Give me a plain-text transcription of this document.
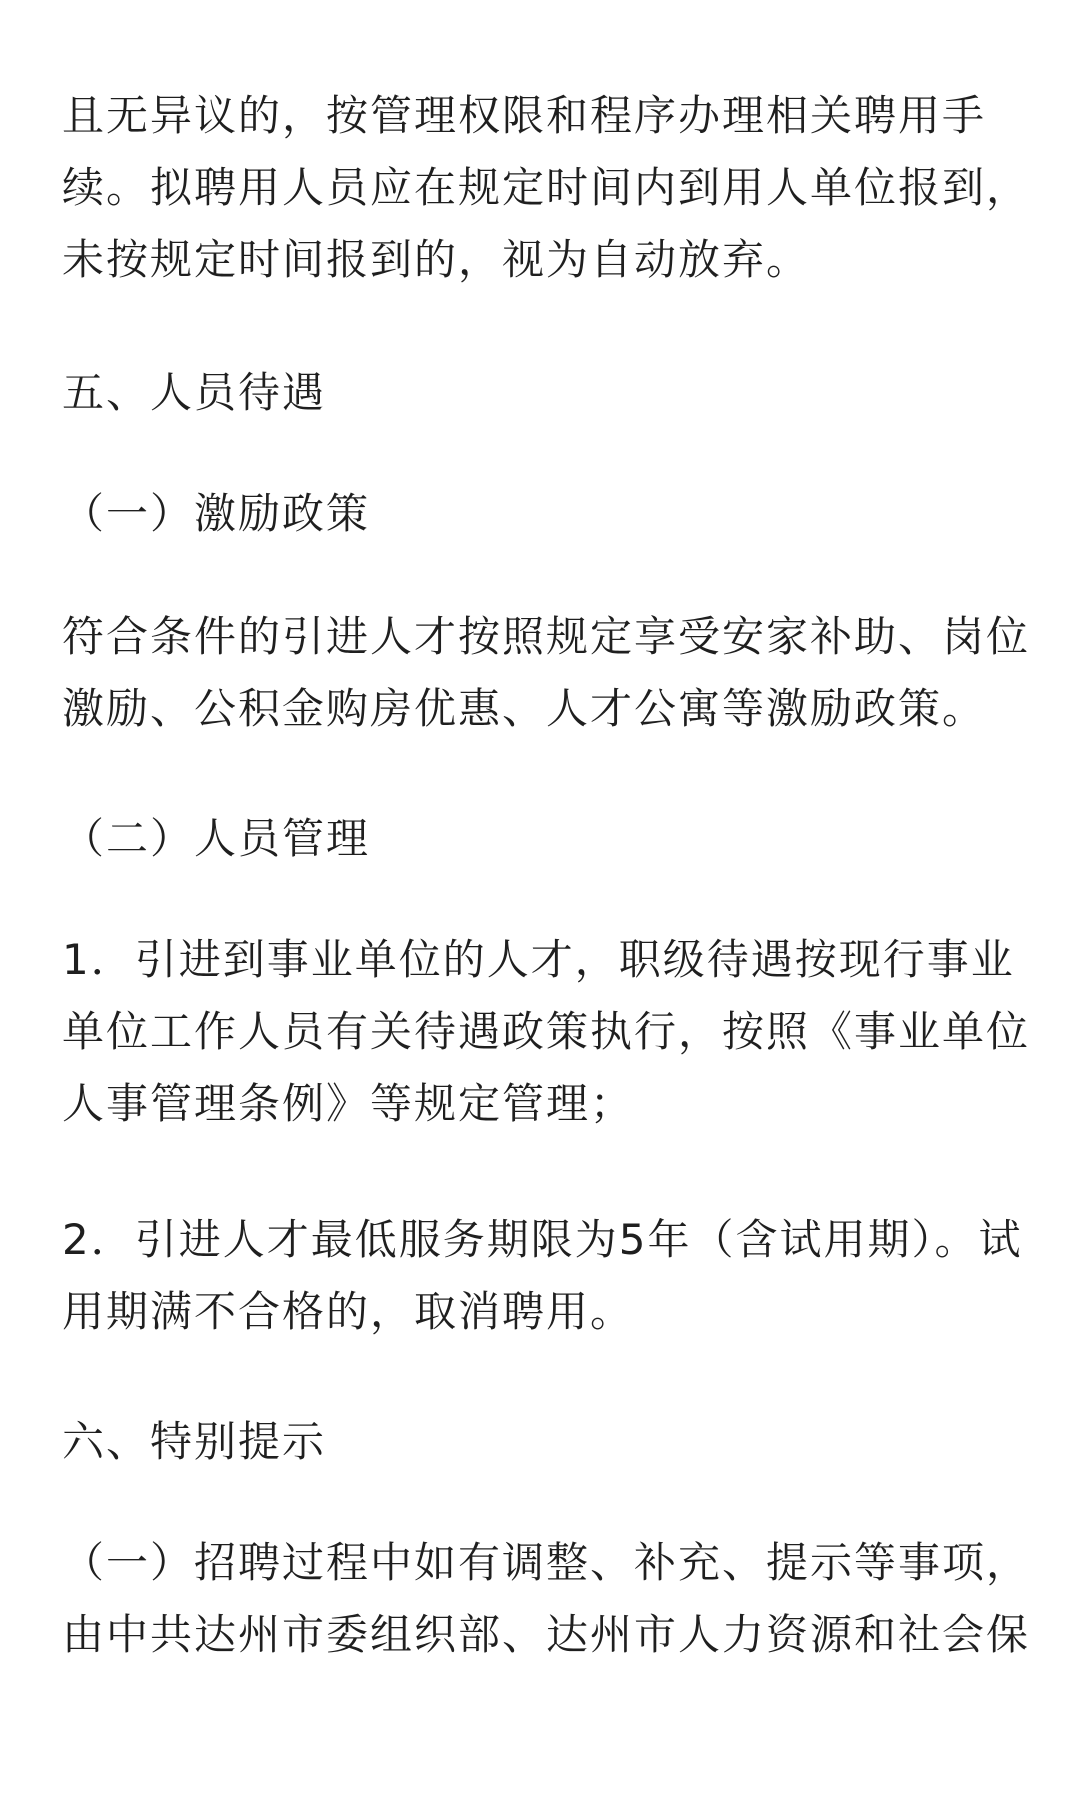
且无异议的，按管理权限和程序办理相关聘用手
续。拟聘用人员应在规定时间内到用人单位报到，
未按规定时间报到的，视为自动放弃。

五、人员待遇

（一）激励政策

符合条件的引进人才按照规定享受安家补助、岗位
激励、公积金购房优惠、人才公寓等激励政策。

（二）人员管理

1．引进到事业单位的人才，职级待遇按现行事业
单位工作人员有关待遇政策执行，按照《事业单位
人事管理条例》等规定管理；

2．引进人才最低服务期限为5年（含试用期）。试
用期满不合格的，取消聘用。

六、特别提示

（一）招聘过程中如有调整、补充、提示等事项，
由中共达州市委组织部、达州市人力资源和社会保
